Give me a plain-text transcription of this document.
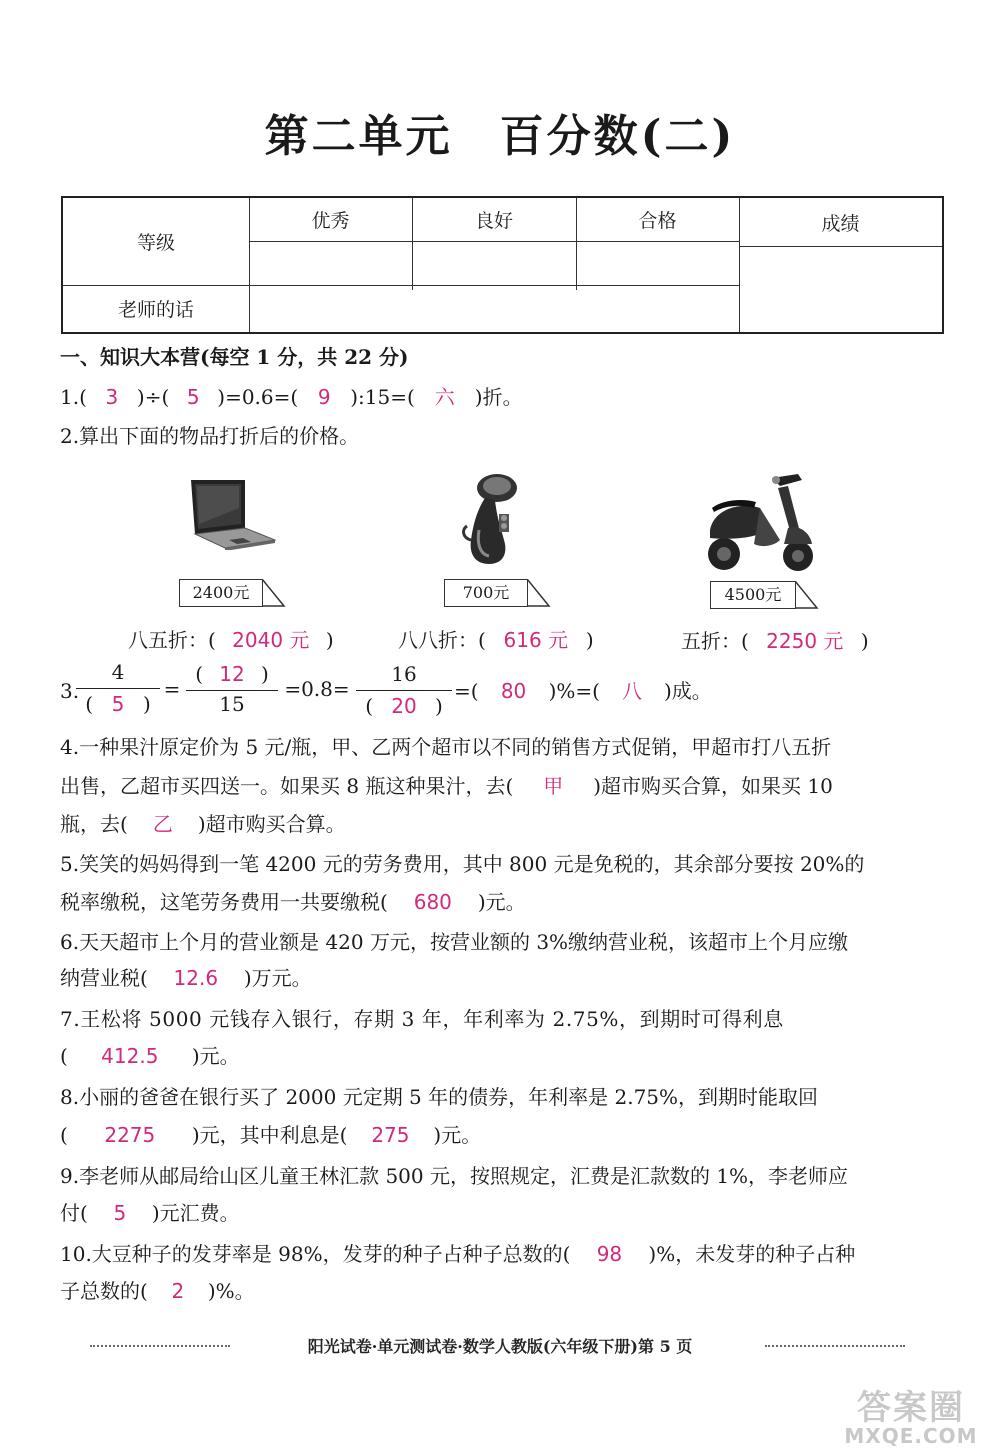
第二单元　百分数(二)
等级
优秀	良好	合格	成绩
老师的话
一、知识大本营(每空 1 分，共 22 分)
1.( 3 )÷( 5 )=0.6=( 9 ):15=( 六 )折。
2.算出下面的物品打折后的价格。
2400元
八五折：( 2040 元 )
700元
八八折：( 616 元 )
4500元
五折：( 2250 元 )
3.
4
( 5 )
=
( 12 )
15
=0.8=
16
( 20 )
=( 80 )%=( 八 )成。
4.一种果汁原定价为 5 元/瓶，甲、乙两个超市以不同的销售方式促销，甲超市打八五折
出售，乙超市买四送一。如果买 8 瓶这种果汁，去( 甲 )超市购买合算，如果买 10
瓶，去( 乙 )超市购买合算。
5.笑笑的妈妈得到一笔 4200 元的劳务费用，其中 800 元是免税的，其余部分要按 20%的
税率缴税，这笔劳务费用一共要缴税( 680 )元。
6.天天超市上个月的营业额是 420 万元，按营业额的 3%缴纳营业税，该超市上个月应缴
纳营业税( 12.6 )万元。
7.王松将 5000 元钱存入银行，存期 3 年，年利率为 2.75%，到期时可得利息
( 412.5 )元。
8.小丽的爸爸在银行买了 2000 元定期 5 年的债券，年利率是 2.75%，到期时能取回
( 2275 )元，其中利息是( 275 )元。
9.李老师从邮局给山区儿童王林汇款 500 元，按照规定，汇费是汇款数的 1%，李老师应
付( 5 )元汇费。
10.大豆种子的发芽率是 98%，发芽的种子占种子总数的( 98 )%，未发芽的种子占种
子总数的( 2 )%。
阳光试卷·单元测试卷·数学人教版(六年级下册)第 5 页
答案圈
MXQE.COM
